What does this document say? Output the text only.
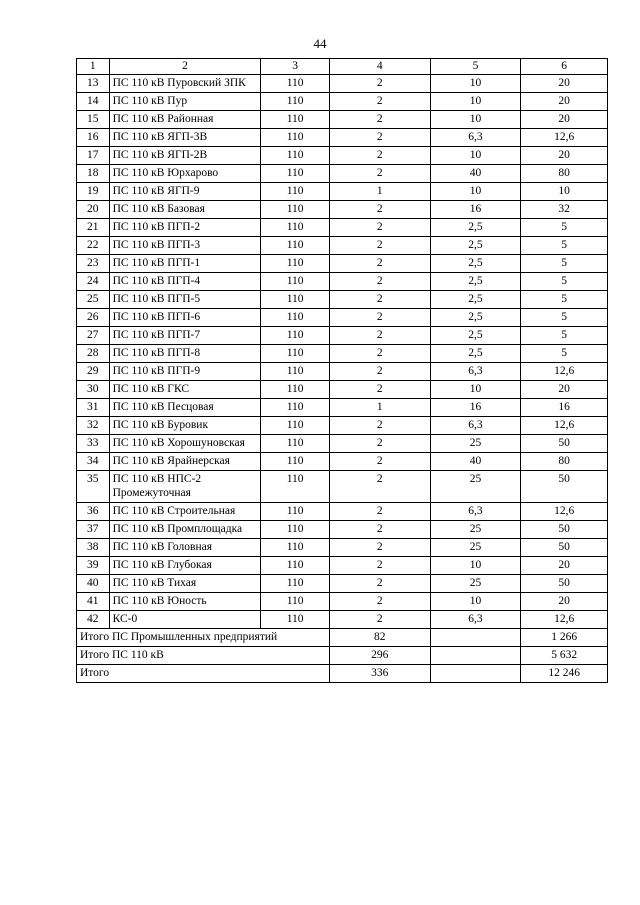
44
1	2	3	4	5	6
13	ПС 110 кВ Пуровский ЗПК	110	2	10	20
14	ПС 110 кВ Пур	110	2	10	20
15	ПС 110 кВ Районная	110	2	10	20
16	ПС 110 кВ ЯГП-3В	110	2	6,3	12,6
17	ПС 110 кВ ЯГП-2В	110	2	10	20
18	ПС 110 кВ Юрхарово	110	2	40	80
19	ПС 110 кВ ЯГП-9	110	1	10	10
20	ПС 110 кВ Базовая	110	2	16	32
21	ПС 110 кВ ПГП-2	110	2	2,5	5
22	ПС 110 кВ ПГП-3	110	2	2,5	5
23	ПС 110 кВ ПГП-1	110	2	2,5	5
24	ПС 110 кВ ПГП-4	110	2	2,5	5
25	ПС 110 кВ ПГП-5	110	2	2,5	5
26	ПС 110 кВ ПГП-6	110	2	2,5	5
27	ПС 110 кВ ПГП-7	110	2	2,5	5
28	ПС 110 кВ ПГП-8	110	2	2,5	5
29	ПС 110 кВ ПГП-9	110	2	6,3	12,6
30	ПС 110 кВ ГКС	110	2	10	20
31	ПС 110 кВ Песцовая	110	1	16	16
32	ПС 110 кВ Буровик	110	2	6,3	12,6
33	ПС 110 кВ Хорошуновская	110	2	25	50
34	ПС 110 кВ Ярайнерская	110	2	40	80
35	ПС 110 кВ НПС-2 Промежуточная	110	2	25	50
36	ПС 110 кВ Строительная	110	2	6,3	12,6
37	ПС 110 кВ Промплощадка	110	2	25	50
38	ПС 110 кВ Головная	110	2	25	50
39	ПС 110 кВ Глубокая	110	2	10	20
40	ПС 110 кВ Тихая	110	2	25	50
41	ПС 110 кВ Юность	110	2	10	20
42	КС-0	110	2	6,3	12,6
Итого ПС Промышленных предприятий			82		1 266
Итого ПС 110 кВ			296		5 632
Итого			336		12 246
